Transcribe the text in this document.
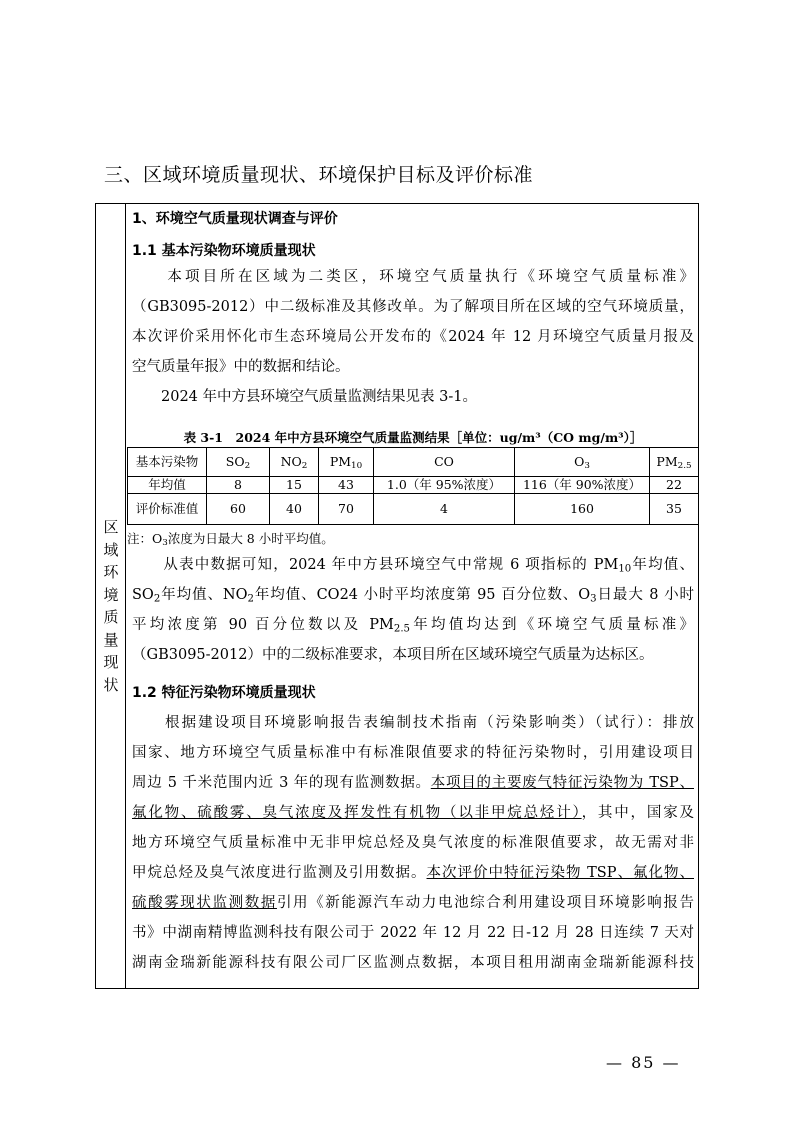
三、区域环境质量现状、环境保护目标及评价标准
区
域
环
境
质
量
现
状
1、环境空气质量现状调查与评价
1.1 基本污染物环境质量现状
　　本项目所在区域为二类区，环境空气质量执行《环境空气质量标准》
（GB3095-2012）中二级标准及其修改单。为了解项目所在区域的空气环境质量，
本次评价采用怀化市生态环境局公开发布的《2024 年 12 月环境空气质量月报及
空气质量年报》中的数据和结论。
　　2024 年中方县环境空气质量监测结果见表 3-1。
表 3-1　2024 年中方县环境空气质量监测结果［单位：ug/m³（CO mg/m³）］
基本污染物	$SO_2$	$NO_2$	$PM_{10}$	CO	$O_3$	$PM_{2.5}$
年均值	8	15	43	1.0（年 95%浓度）	116（年 90%浓度）	22
评价标准值	60	40	70	4	160	35
注：$O_3$浓度为日最大 8 小时平均值。
　　从表中数据可知，2024 年中方县环境空气中常规 6 项指标的 $PM_{10}$年均值、
$SO_2$年均值、$NO_2$年均值、CO24 小时平均浓度第 95 百分位数、$O_3$日最大 8 小时
平均浓度第 90 百分位数以及 $PM_{2.5}$年均值均达到《环境空气质量标准》
（GB3095-2012）中的二级标准要求，本项目所在区域环境空气质量为达标区。
1.2 特征污染物环境质量现状
　　根据建设项目环境影响报告表编制技术指南（污染影响类）（试行）：排放
国家、地方环境空气质量标准中有标准限值要求的特征污染物时，引用建设项目
周边 5 千米范围内近 3 年的现有监测数据。本项目的主要废气特征污染物为 TSP、
氟化物、硫酸雾、臭气浓度及挥发性有机物（以非甲烷总烃计），其中，国家及
地方环境空气质量标准中无非甲烷总烃及臭气浓度的标准限值要求，故无需对非
甲烷总烃及臭气浓度进行监测及引用数据。本次评价中特征污染物 TSP、氟化物、
硫酸雾现状监测数据引用《新能源汽车动力电池综合利用建设项目环境影响报告
书》中湖南精博监测科技有限公司于 2022 年 12 月 22 日-12 月 28 日连续 7 天对
湖南金瑞新能源科技有限公司厂区监测点数据，本项目租用湖南金瑞新能源科技
— 85 —
